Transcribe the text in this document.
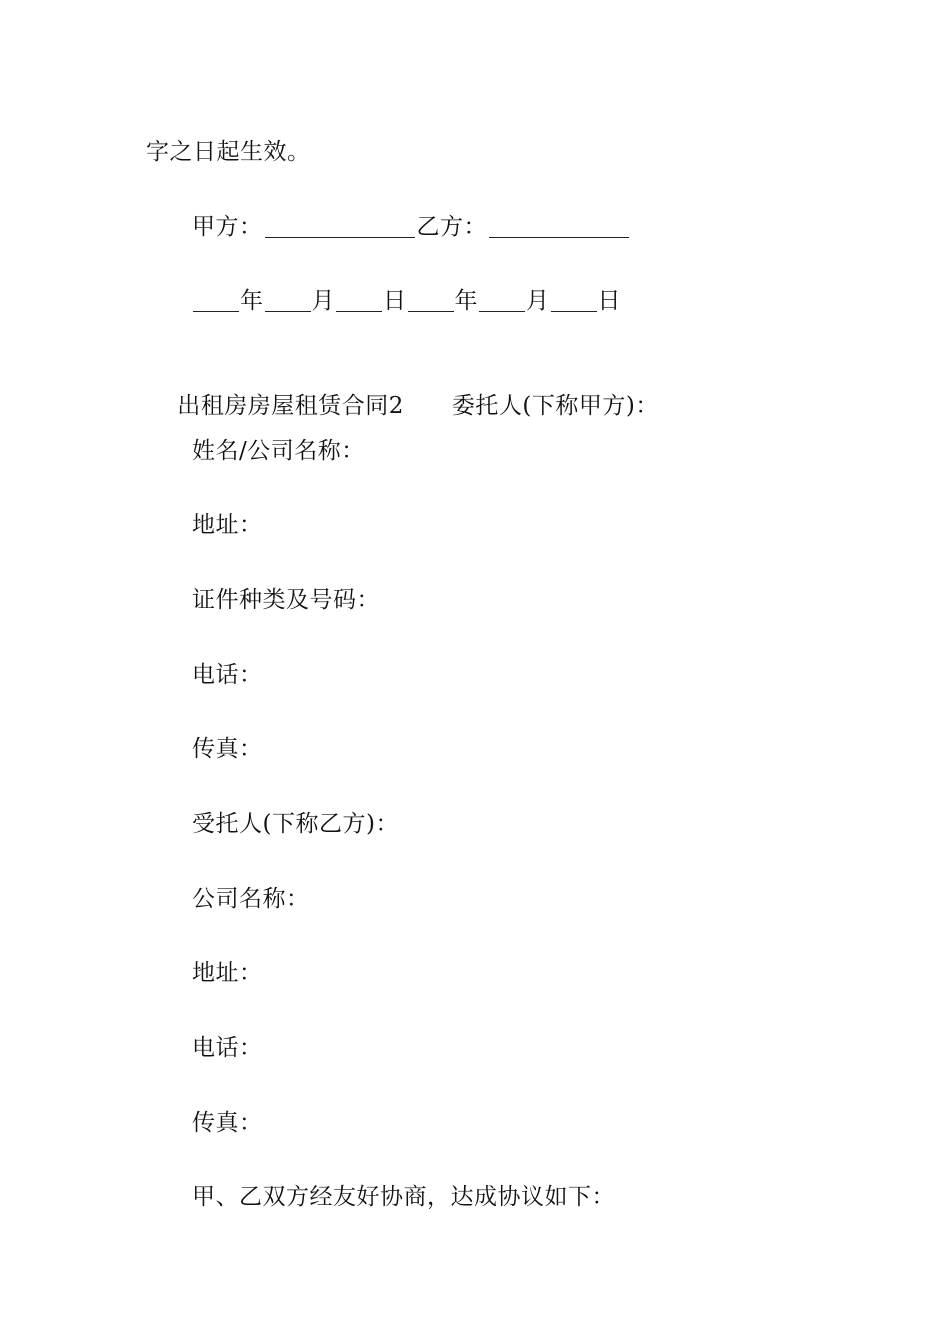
字之日起生效。
甲方：	乙方：
年 月 日 年 月 日

出租房房屋租赁合同2 委托人(下称甲方)：

姓名/公司名称：
地址：
证件种类及号码：
电话：
传真：
受托人(下称乙方)：
公司名称：
地址：
电话：
传真：
甲、乙双方经友好协商，达成协议如下：
